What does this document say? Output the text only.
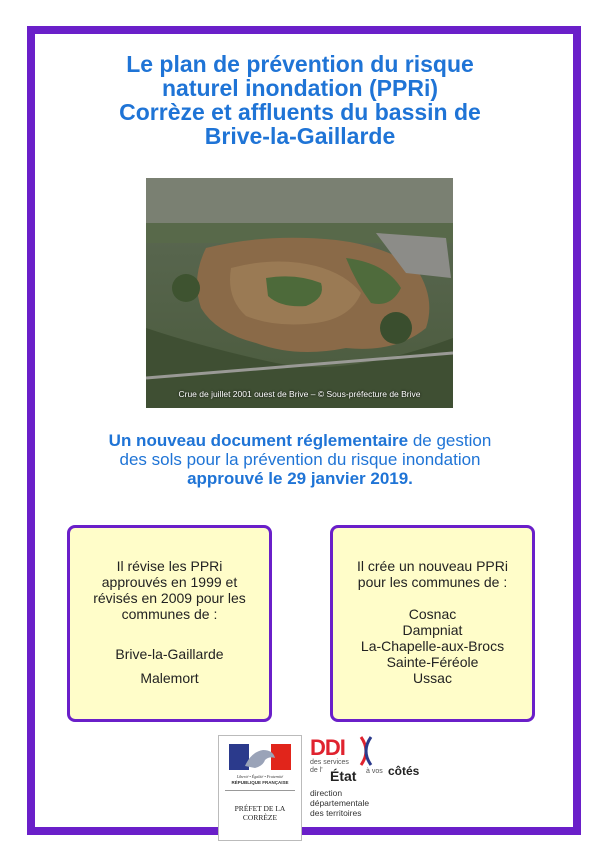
Le plan de prévention du risque
naturel inondation (PPRi)
Corrèze et affluents du bassin de
Brive-la-Gaillarde
Crue de juillet 2001 ouest de Brive – © Sous-préfecture de Brive
Un nouveau document réglementaire de gestion
des sols pour la prévention du risque inondation
approuvé le 29 janvier 2019.

Il révise les PPRi

approuvés en 1999 et

révisés en 2009 pour les

communes de :

Brive-la-Gaillarde

Malemort

Il crée un nouveau PPRi

pour les communes de :

Cosnac

Dampniat

La-Chapelle-aux-Brocs

Sainte-Féréole

Ussac

Liberté • Égalité • Fraternité
RÉPUBLIQUE FRANÇAISE
PRÉFET DE LA
CORRÈZE
DDI
des services
de l' État à vos côtés
direction
départementale
des territoires
